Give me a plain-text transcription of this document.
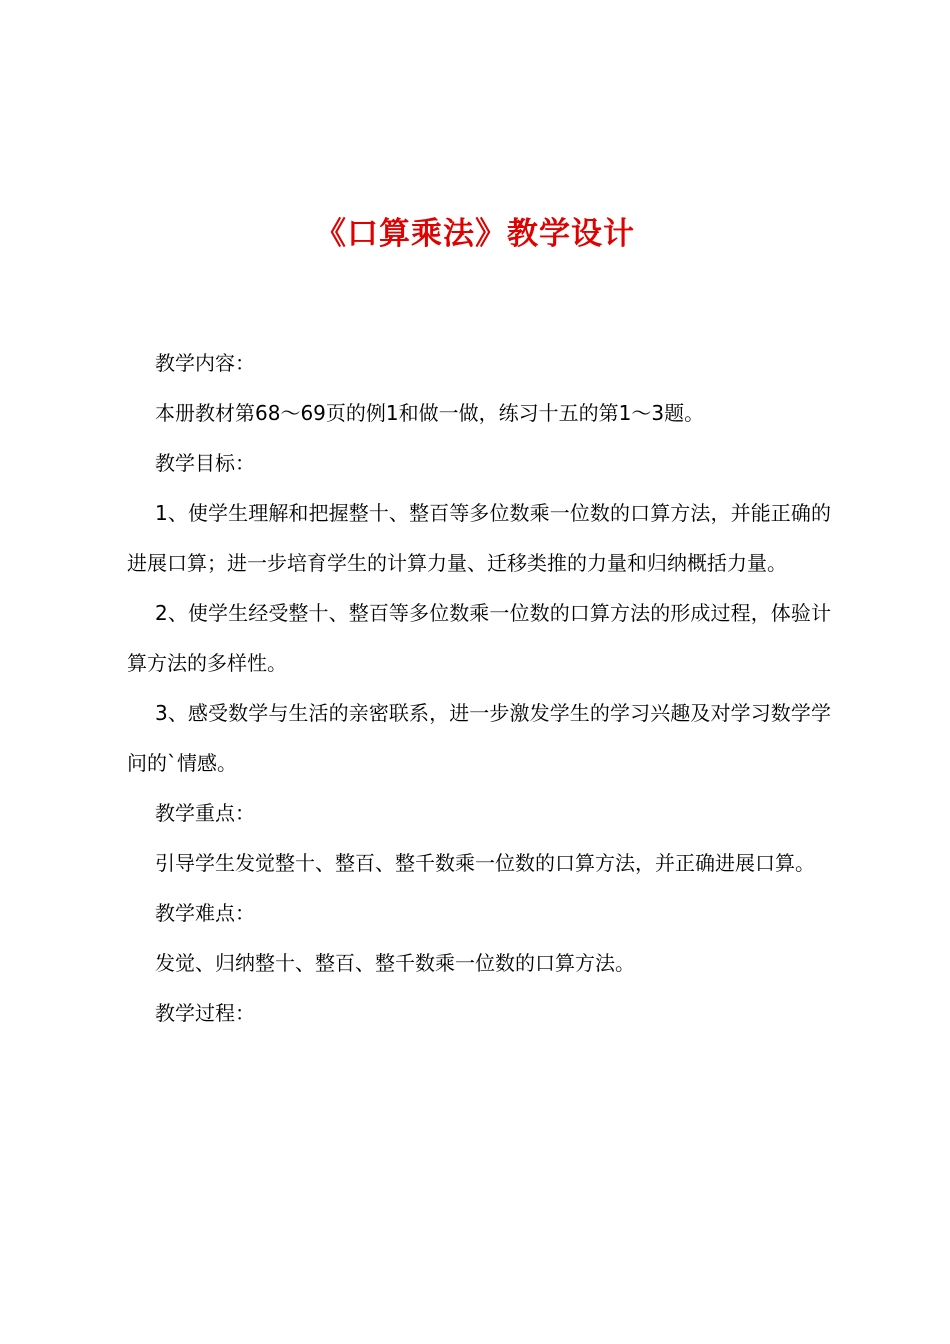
《口算乘法》教学设计

教学内容：

本册教材第68～69页的例1和做一做，练习十五的第1～3题。

教学目标：

1、使学生理解和把握整十、整百等多位数乘一位数的口算方法，并能正确的进展口算；进一步培育学生的计算力量、迁移类推的力量和归纳概括力量。

2、使学生经受整十、整百等多位数乘一位数的口算方法的形成过程，体验计算方法的多样性。

3、感受数学与生活的亲密联系，进一步激发学生的学习兴趣及对学习数学学问的`情感。

教学重点：

引导学生发觉整十、整百、整千数乘一位数的口算方法，并正确进展口算。

教学难点：

发觉、归纳整十、整百、整千数乘一位数的口算方法。

教学过程：
